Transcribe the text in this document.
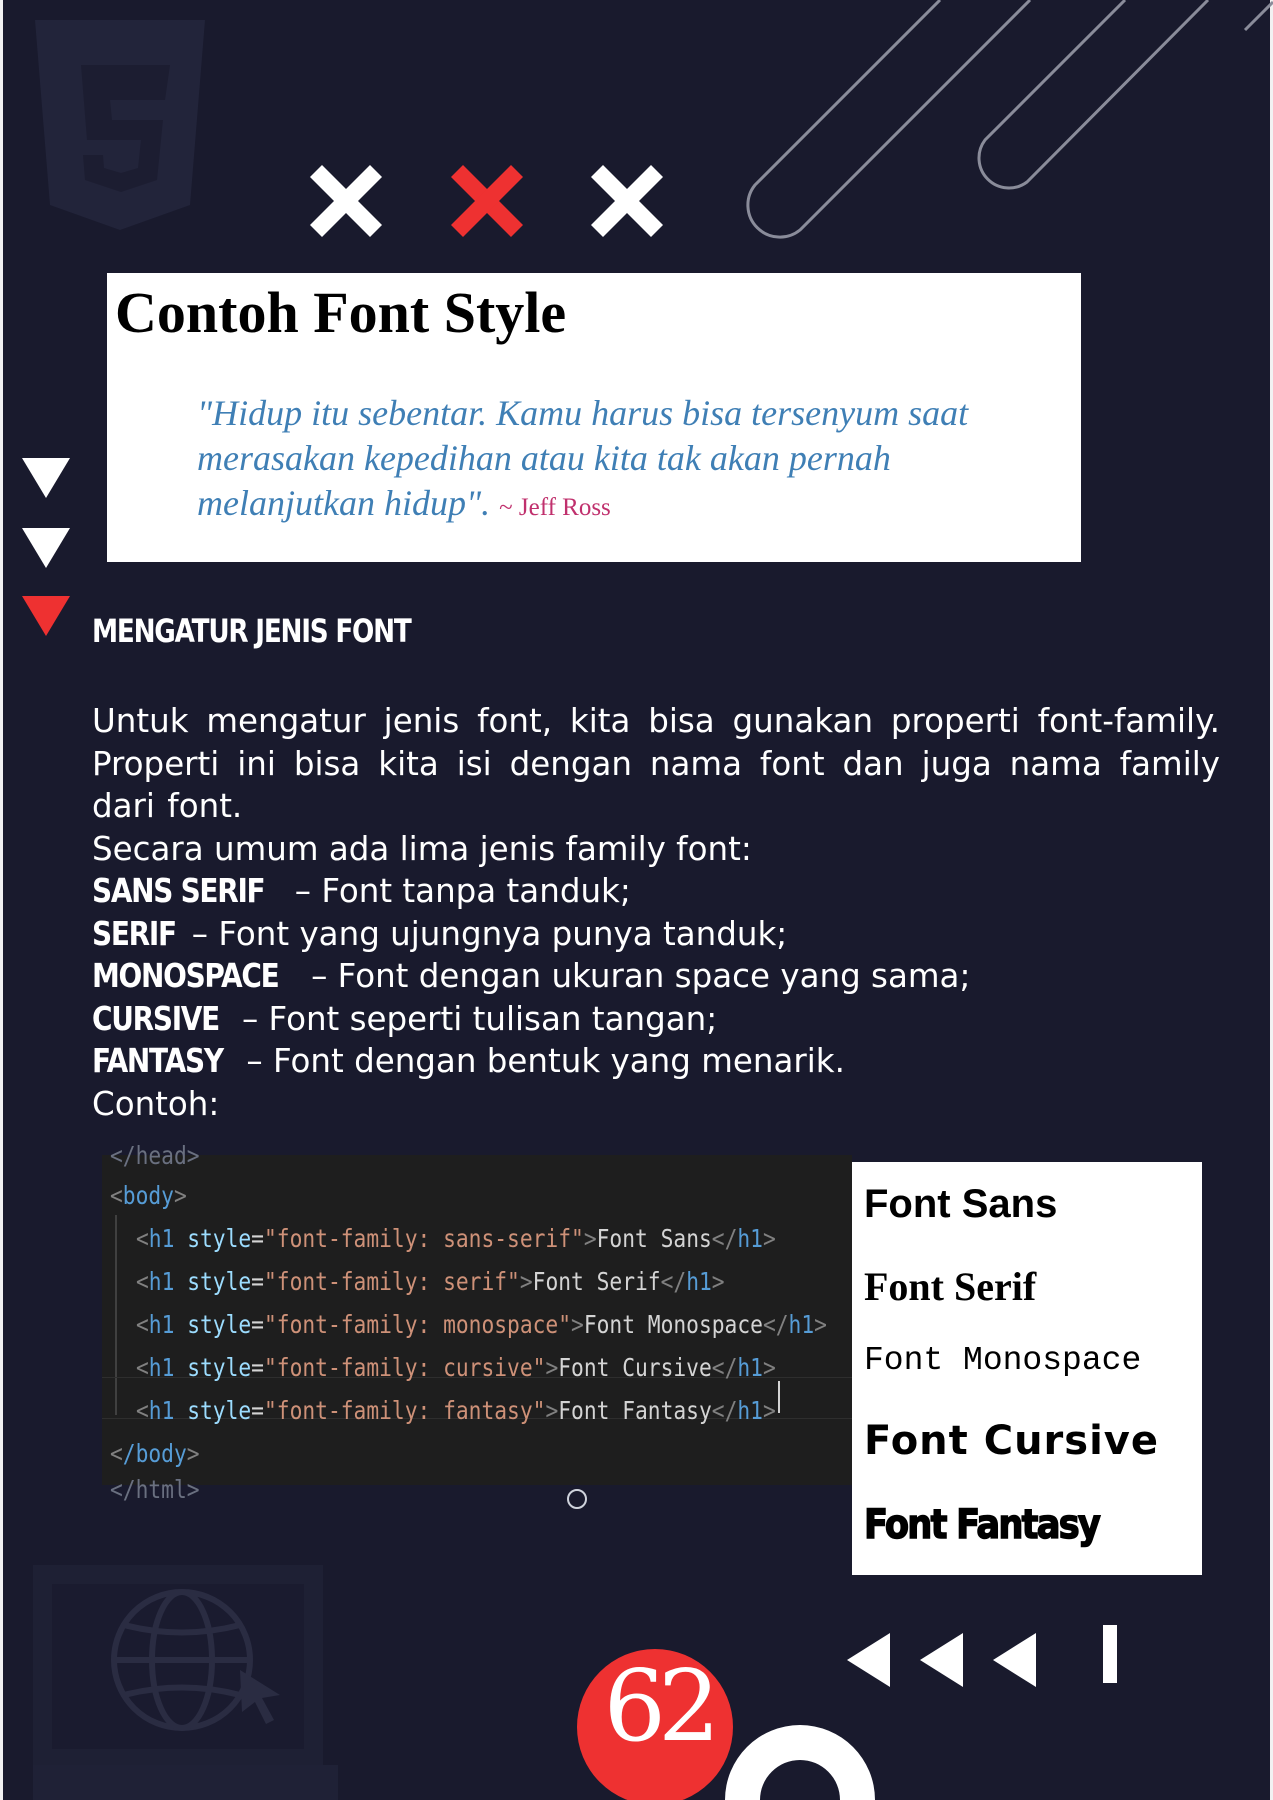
Contoh Font Style
"Hidup itu sebentar. Kamu harus bisa tersenyum saat merasakan kepedihan atau kita tak akan pernah melanjutkan hidup". ~ Jeff Ross
MENGATUR JENIS FONT

Untuk mengatur jenis font, kita bisa gunakan properti font-family. Properti ini bisa kita isi dengan nama font dan juga nama family dari font.

Secara umum ada lima jenis family font:

SANS SERIF – Font tanpa tanduk;

SERIF – Font yang ujungnya punya tanduk;

MONOSPACE – Font dengan ukuran space yang sama;

CURSIVE – Font seperti tulisan tangan;

FANTASY – Font dengan bentuk yang menarik.

Contoh:

</head>
<body>
<h1 style="font-family: sans-serif">Font Sans</h1>
<h1 style="font-family: serif">Font Serif</h1>
<h1 style="font-family: monospace">Font Monospace</h1>
<h1 style="font-family: cursive">Font Cursive</h1>
<h1 style="font-family: fantasy">Font Fantasy</h1>
</body>
</html>
Font Sans
Font Serif
Font Monospace
Font Cursive
Font Fantasy
62
